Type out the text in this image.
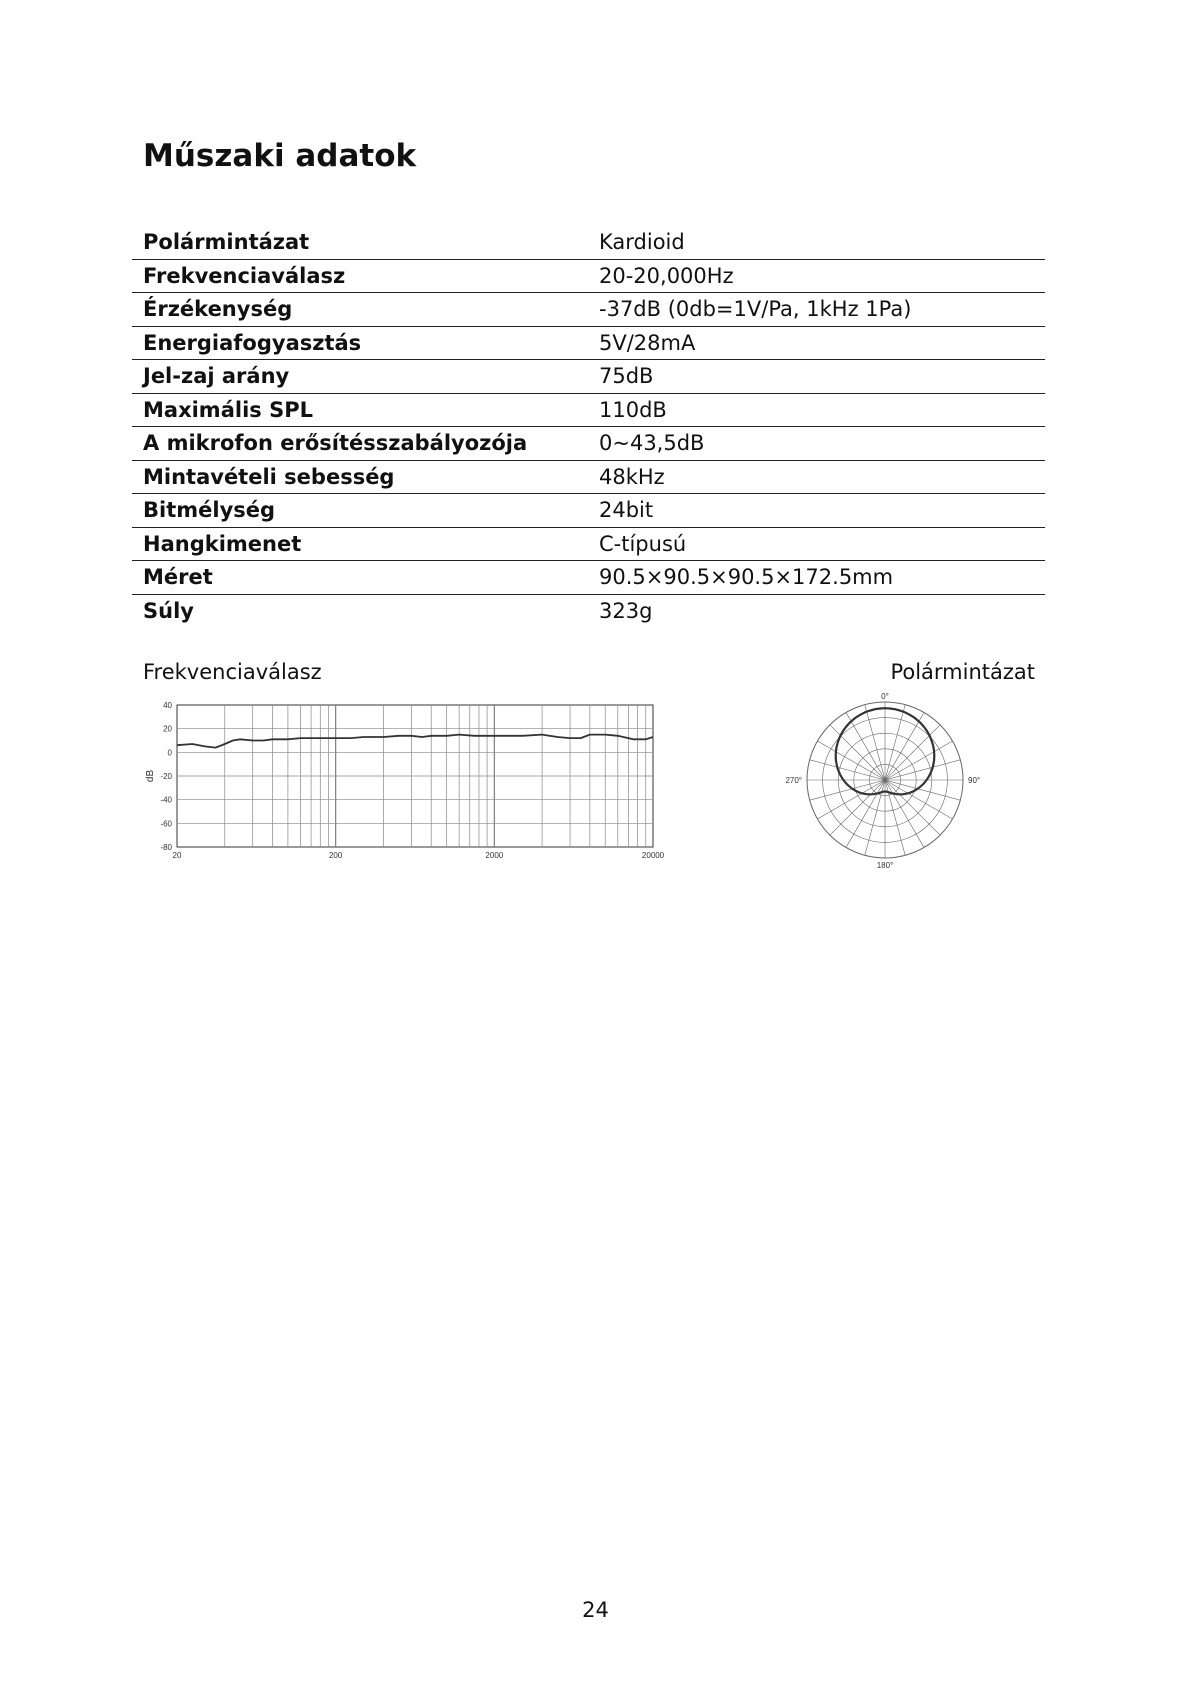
Műszaki adatok
Polármintázat	Kardioid
Frekvenciaválasz	20-20,000Hz
Érzékenység	-37dB (0db=1V/Pa, 1kHz 1Pa)
Energiafogyasztás	5V/28mA
Jel-zaj arány	75dB
Maximális SPL	110dB
A mikrofon erősítésszabályozója	0~43,5dB
Mintavételi sebesség	48kHz
Bitmélység	24bit
Hangkimenet	C-típusú
Méret	90.5×90.5×90.5×172.5mm
Súly	323g
Frekvenciaválasz	Polármintázat
40
20
0
-20
-40
-60
-80
20	200	2000	20000
dB
0°
90°
180°
270°
24
